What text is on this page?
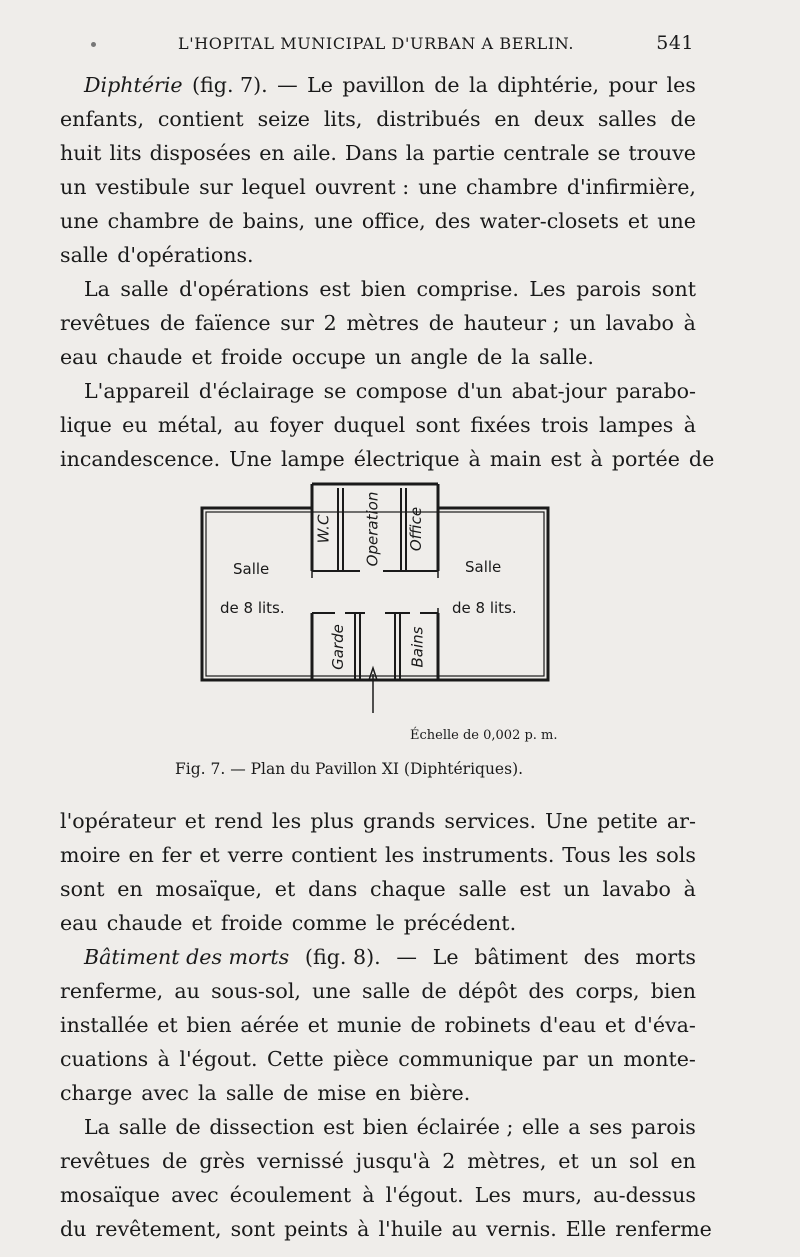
L'HOPITAL MUNICIPAL D'URBAN A BERLIN.	541
Diphtérie (fig. 7). — Le pavillon de la diphtérie, pour les
enfants, contient seize lits, distribués en deux salles de
huit lits disposées en aile. Dans la partie centrale se trouve
un vestibule sur lequel ouvrent : une chambre d'infirmière,
une chambre de bains, une office, des water-closets et une
salle d'opérations.
La salle d'opérations est bien comprise. Les parois sont
revêtues de faïence sur 2 mètres de hauteur ; un lavabo à
eau chaude et froide occupe un angle de la salle.
L'appareil d'éclairage se compose d'un abat-jour parabo-
lique eu métal, au foyer duquel sont fixées trois lampes à
incandescence. Une lampe électrique à main est à portée de
Salle
de 8 lits.
Salle
de 8 lits.
W.C Operation Office
Garde	Bains
Échelle de 0,002 p. m.
Fig. 7. — Plan du Pavillon XI (Diphtériques).
l'opérateur et rend les plus grands services. Une petite ar-
moire en fer et verre contient les instruments. Tous les sols
sont en mosaïque, et dans chaque salle est un lavabo à
eau chaude et froide comme le précédent.
Bâtiment des morts (fig. 8). — Le bâtiment des morts
renferme, au sous-sol, une salle de dépôt des corps, bien
installée et bien aérée et munie de robinets d'eau et d'éva-
cuations à l'égout. Cette pièce communique par un monte-
charge avec la salle de mise en bière.
La salle de dissection est bien éclairée ; elle a ses parois
revêtues de grès vernissé jusqu'à 2 mètres, et un sol en
mosaïque avec écoulement à l'égout. Les murs, au-dessus
du revêtement, sont peints à l'huile au vernis. Elle renferme
